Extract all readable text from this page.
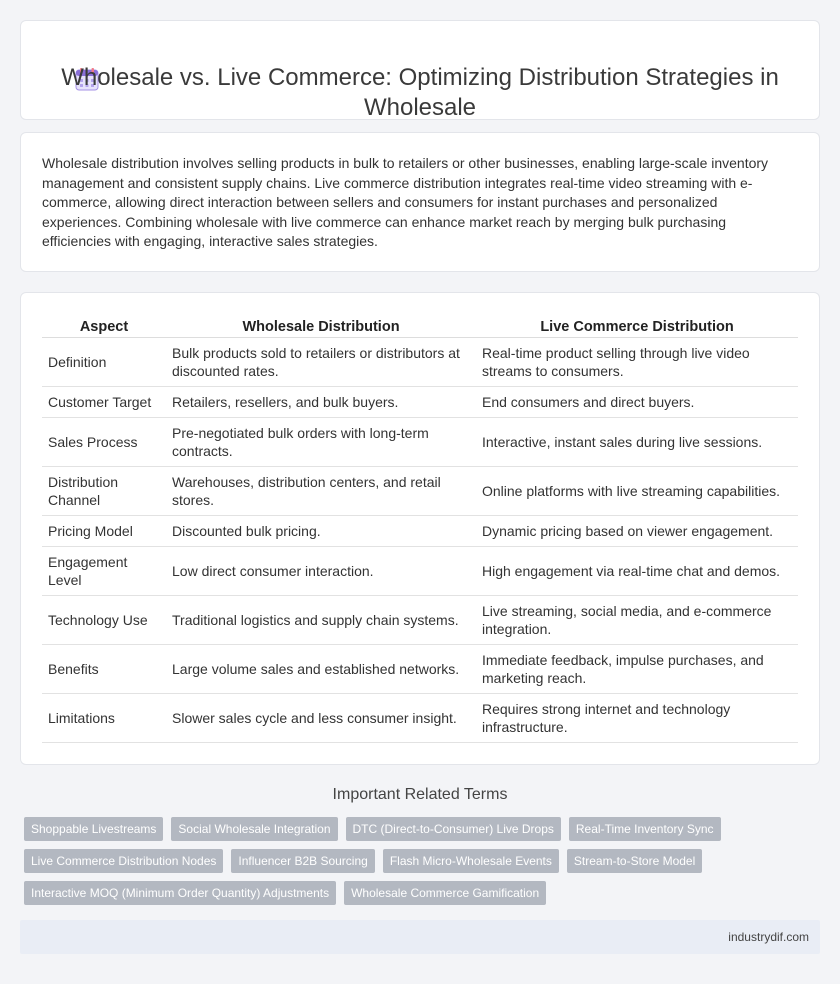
Wholesale vs. Live Commerce: Optimizing Distribution Strategies in Wholesale

Wholesale distribution involves selling products in bulk to retailers or other businesses, enabling large-scale inventory management and consistent supply chains. Live commerce distribution integrates real-time video streaming with e-commerce, allowing direct interaction between sellers and consumers for instant purchases and personalized experiences. Combining wholesale with live commerce can enhance market reach by merging bulk purchasing efficiencies with engaging, interactive sales strategies.

Aspect	Wholesale Distribution	Live Commerce Distribution
Definition	Bulk products sold to retailers or distributors at discounted rates.	Real-time product selling through live video streams to consumers.
Customer Target	Retailers, resellers, and bulk buyers.	End consumers and direct buyers.
Sales Process	Pre-negotiated bulk orders with long-term contracts.	Interactive, instant sales during live sessions.
Distribution Channel	Warehouses, distribution centers, and retail stores.	Online platforms with live streaming capabilities.
Pricing Model	Discounted bulk pricing.	Dynamic pricing based on viewer engagement.
Engagement Level	Low direct consumer interaction.	High engagement via real-time chat and demos.
Technology Use	Traditional logistics and supply chain systems.	Live streaming, social media, and e-commerce integration.
Benefits	Large volume sales and established networks.	Immediate feedback, impulse purchases, and marketing reach.
Limitations	Slower sales cycle and less consumer insight.	Requires strong internet and technology infrastructure.
Important Related Terms
Shoppable Livestreams	Social Wholesale Integration	DTC (Direct-to-Consumer) Live Drops	Real-Time Inventory Sync
Live Commerce Distribution Nodes	Influencer B2B Sourcing	Flash Micro-Wholesale Events	Stream-to-Store Model
Interactive MOQ (Minimum Order Quantity) Adjustments	Wholesale Commerce Gamification
industrydif.com
